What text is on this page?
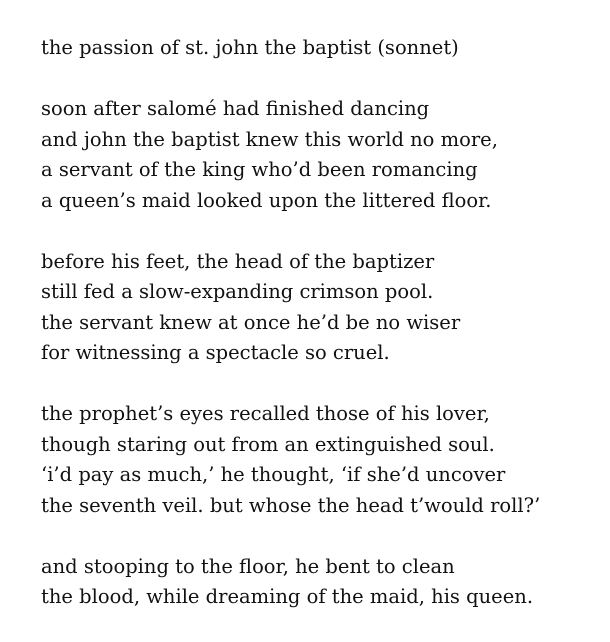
the passion of st. john the baptist (sonnet)
soon after salomé had finished dancing
and john the baptist knew this world no more,
a servant of the king who’d been romancing
a queen’s maid looked upon the littered floor.
before his feet, the head of the baptizer
still fed a slow-expanding crimson pool.
the servant knew at once he’d be no wiser
for witnessing a spectacle so cruel.
the prophet’s eyes recalled those of his lover,
though staring out from an extinguished soul.
‘i’d pay as much,’ he thought, ‘if she’d uncover
the seventh veil. but whose the head t’would roll?’
and stooping to the floor, he bent to clean
the blood, while dreaming of the maid, his queen.
